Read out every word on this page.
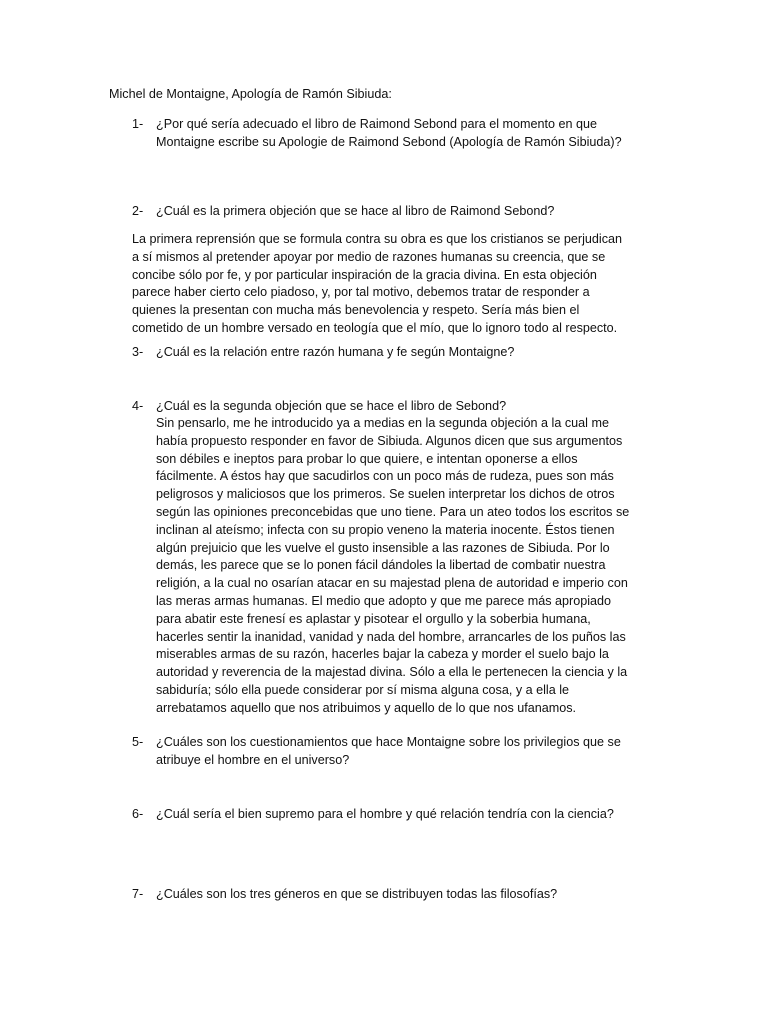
Michel de Montaigne, Apología de Ramón Sibiuda:
1- ¿Por qué sería adecuado el libro de Raimond Sebond para el momento en que Montaigne escribe su Apologie de Raimond Sebond (Apología de Ramón Sibiuda)?
2- ¿Cuál es la primera objeción que se hace al libro de Raimond Sebond?
La primera reprensión que se formula contra su obra es que los cristianos se perjudican a sí mismos al pretender apoyar por medio de razones humanas su creencia, que se concibe sólo por fe, y por particular inspiración de la gracia divina. En esta objeción parece haber cierto celo piadoso, y, por tal motivo, debemos tratar de responder a quienes la presentan con mucha más benevolencia y respeto. Sería más bien el cometido de un hombre versado en teología que el mío, que lo ignoro todo al respecto.
3- ¿Cuál es la relación entre razón humana y fe según Montaigne?
4- ¿Cuál es la segunda objeción que se hace el libro de Sebond?
Sin pensarlo, me he introducido ya a medias en la segunda objeción a la cual me había propuesto responder en favor de Sibiuda. Algunos dicen que sus argumentos son débiles e ineptos para probar lo que quiere, e intentan oponerse a ellos fácilmente. A éstos hay que sacudirlos con un poco más de rudeza, pues son más peligrosos y maliciosos que los primeros. Se suelen interpretar los dichos de otros según las opiniones preconcebidas que uno tiene. Para un ateo todos los escritos se inclinan al ateísmo; infecta con su propio veneno la materia inocente. Éstos tienen algún prejuicio que les vuelve el gusto insensible a las razones de Sibiuda. Por lo demás, les parece que se lo ponen fácil dándoles la libertad de combatir nuestra religión, a la cual no osarían atacar en su majestad plena de autoridad e imperio con las meras armas humanas. El medio que adopto y que me parece más apropiado para abatir este frenesí es aplastar y pisotear el orgullo y la soberbia humana, hacerles sentir la inanidad, vanidad y nada del hombre, arrancarles de los puños las miserables armas de su razón, hacerles bajar la cabeza y morder el suelo bajo la autoridad y reverencia de la majestad divina. Sólo a ella le pertenecen la ciencia y la sabiduría; sólo ella puede considerar por sí misma alguna cosa, y a ella le arrebatamos aquello que nos atribuimos y aquello de lo que nos ufanamos.
5- ¿Cuáles son los cuestionamientos que hace Montaigne sobre los privilegios que se atribuye el hombre en el universo?
6- ¿Cuál sería el bien supremo para el hombre y qué relación tendría con la ciencia?
7- ¿Cuáles son los tres géneros en que se distribuyen todas las filosofías?
